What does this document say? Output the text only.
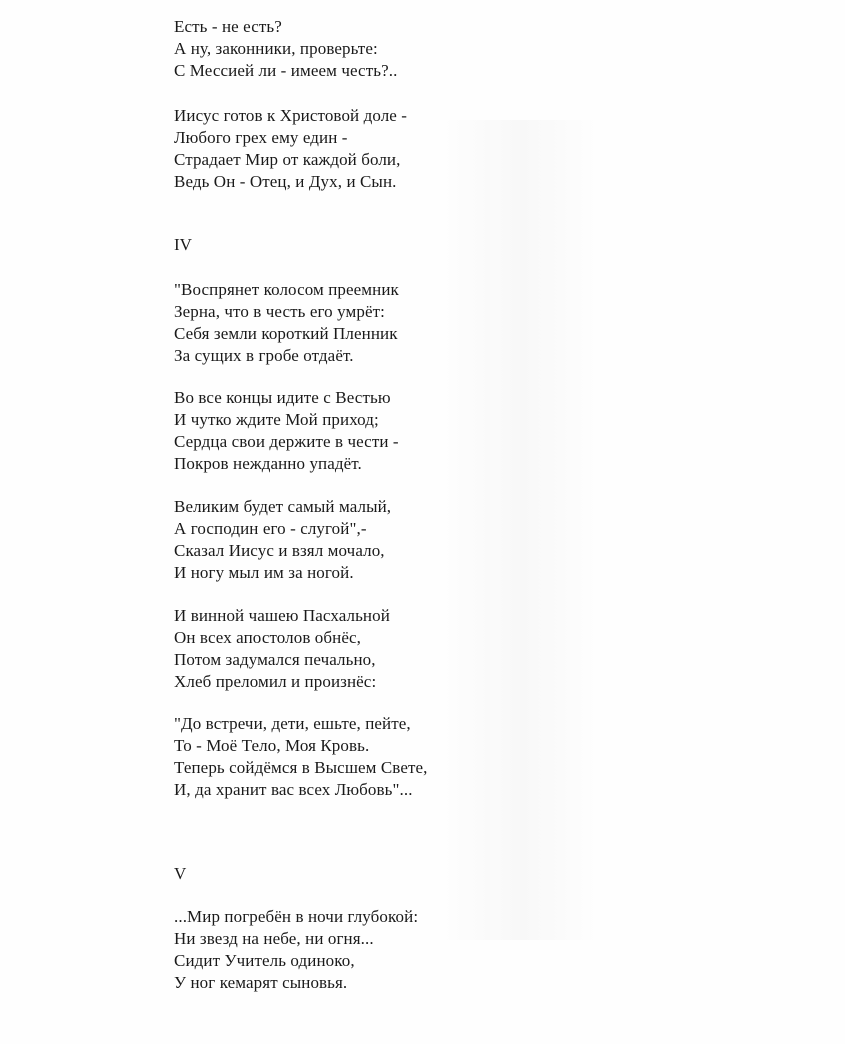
Есть - не есть?
А ну, законники, проверьте:
С Мессией ли - имеем честь?..
Иисус готов к Христовой доле -
Любого грех ему един -
Страдает Мир от каждой боли,
Ведь Он - Отец, и Дух, и Сын.
IV
"Воспрянет колосом преемник
Зерна, что в честь его умрёт:
Себя земли короткий Пленник
За сущих в гробе отдаёт.
Во все концы идите с Вестью
И чутко ждите Мой приход;
Сердца свои держите в чести -
Покров нежданно упадёт.
Великим будет самый малый,
А господин его - слугой",-
Сказал Иисус и взял мочало,
И ногу мыл им за ногой.
И винной чашею Пасхальной
Он всех апостолов обнёс,
Потом задумался печально,
Хлеб преломил и произнёс:
"До встречи, дети, ешьте, пейте,
То - Моё Тело, Моя Кровь.
Теперь сойдёмся в Высшем Свете,
И, да хранит вас всех Любовь"...
V
...Мир погребён в ночи глубокой:
Ни звезд на небе, ни огня...
Сидит Учитель одиноко,
У ног кемарят сыновья.
